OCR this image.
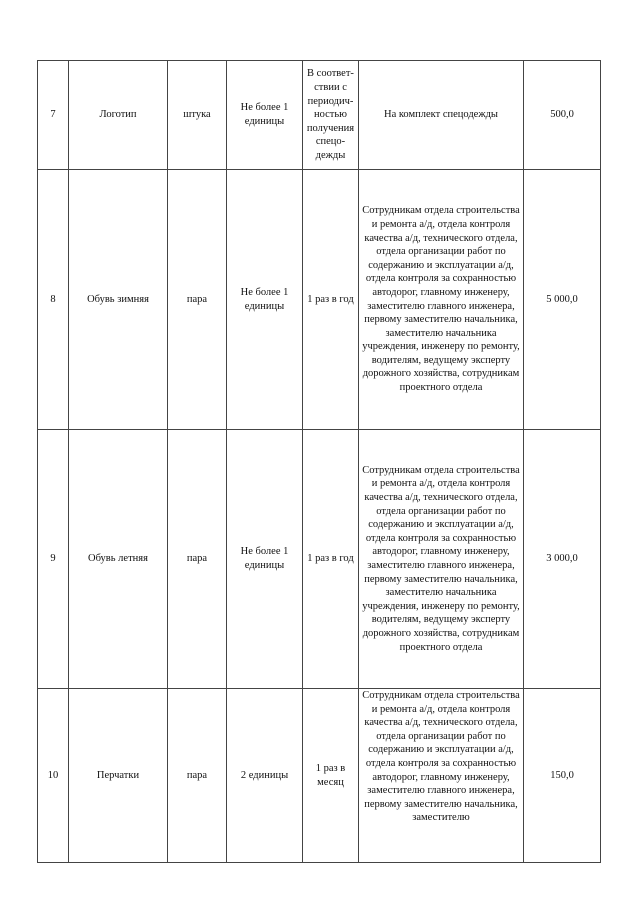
7	Логотип	штука	Не более 1 единицы	В соответ-ствии с периодич-ностью получения спецо-дежды	На комплект спецодежды	500,0
8	Обувь зимняя	пара	Не более 1 единицы	1 раз в год	Сотрудникам отдела строительства и ремонта а/д, отдела контроля качества а/д, технического отдела, отдела организации работ по содержанию и эксплуатации а/д, отдела контроля за сохранностью автодорог, главному инженеру, заместителю главного инженера, первому заместителю начальника, заместителю начальника учреждения, инженеру по ремонту, водителям, ведущему эксперту дорожного хозяйства, сотрудникам проектного отдела	5 000,0
9	Обувь летняя	пара	Не более 1 единицы	1 раз в год	Сотрудникам отдела строительства и ремонта а/д, отдела контроля качества а/д, технического отдела, отдела организации работ по содержанию и эксплуатации а/д, отдела контроля за сохранностью автодорог, главному инженеру, заместителю главного инженера, первому заместителю начальника, заместителю начальника учреждения, инженеру по ремонту, водителям, ведущему эксперту дорожного хозяйства, сотрудникам проектного отдела	3 000,0
10	Перчатки	пара	2 единицы	1 раз в месяц	Сотрудникам отдела строительства и ремонта а/д, отдела контроля качества а/д, технического отдела, отдела организации работ по содержанию и эксплуатации а/д, отдела контроля за сохранностью автодорог, главному инженеру, заместителю главного инженера, первому заместителю начальника, заместителю	150,0
